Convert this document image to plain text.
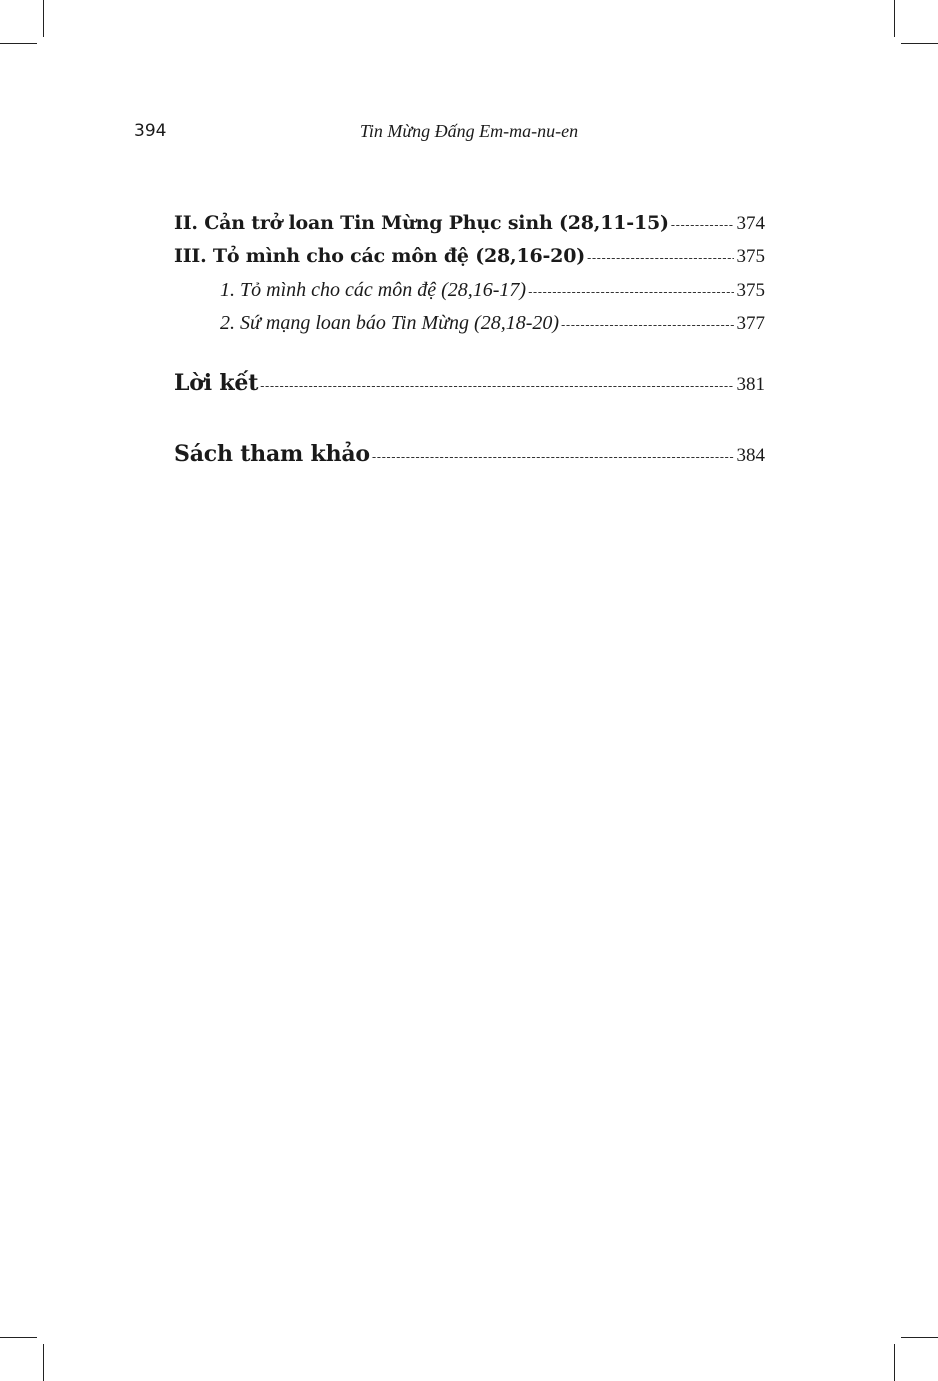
394	Tin Mừng Đấng Em-ma-nu-en
II. Cản trở loan Tin Mừng Phục sinh (28,11-15) -----	374
III. Tỏ mình cho các môn đệ (28,16-20) -----	375
1. Tỏ mình cho các môn đệ (28,16-17) -----	375
2. Sứ mạng loan báo Tin Mừng (28,18-20) -----	377
Lời kết -----	381
Sách tham khảo -----	384
